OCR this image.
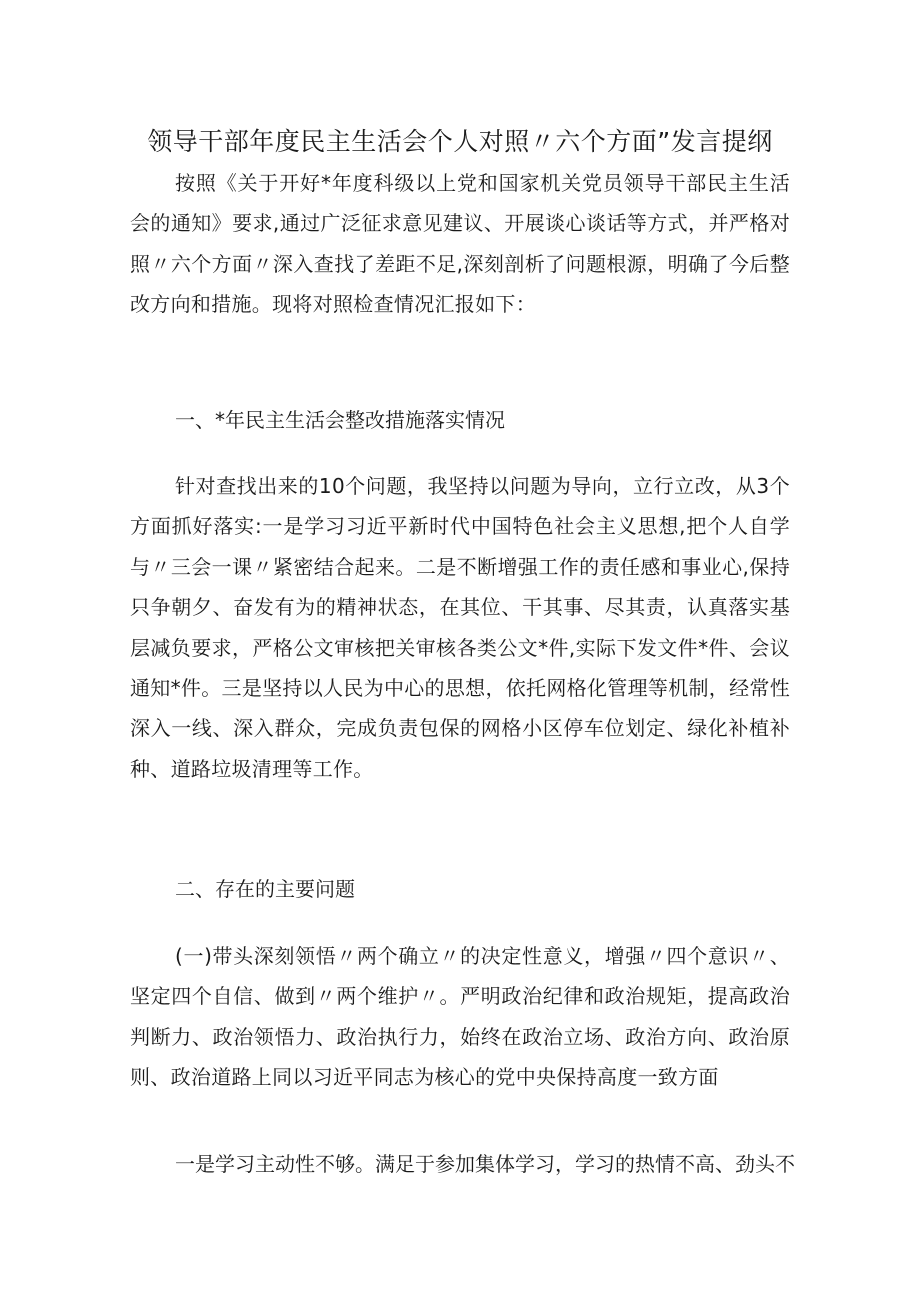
领导干部年度民主生活会个人对照〃六个方面”发言提纲

按照《关于开好*年度科级以上党和国家机关党员领导干部民主生活会的通知》要求,通过广泛征求意见建议、开展谈心谈话等方式，并严格对照〃六个方面〃深入查找了差距不足,深刻剖析了问题根源，明确了今后整改方向和措施。现将对照检查情况汇报如下：

一、*年民主生活会整改措施落实情况

针对查找出来的10个问题，我坚持以问题为导向，立行立改，从3个方面抓好落实:一是学习习近平新时代中国特色社会主义思想,把个人自学与〃三会一课〃紧密结合起来。二是不断增强工作的责任感和事业心,保持只争朝夕、奋发有为的精神状态，在其位、干其事、尽其责，认真落实基层减负要求，严格公文审核把关审核各类公文*件,实际下发文件*件、会议通知*件。三是坚持以人民为中心的思想，依托网格化管理等机制，经常性深入一线、深入群众，完成负责包保的网格小区停车位划定、绿化补植补种、道路垃圾清理等工作。

二、存在的主要问题

(一)带头深刻领悟〃两个确立〃的决定性意义，增强〃四个意识〃、坚定四个自信、做到〃两个维护〃。严明政治纪律和政治规矩，提高政治判断力、政治领悟力、政治执行力，始终在政治立场、政治方向、政治原则、政治道路上同以习近平同志为核心的党中央保持高度一致方面

一是学习主动性不够。满足于参加集体学习，学习的热情不高、劲头不
